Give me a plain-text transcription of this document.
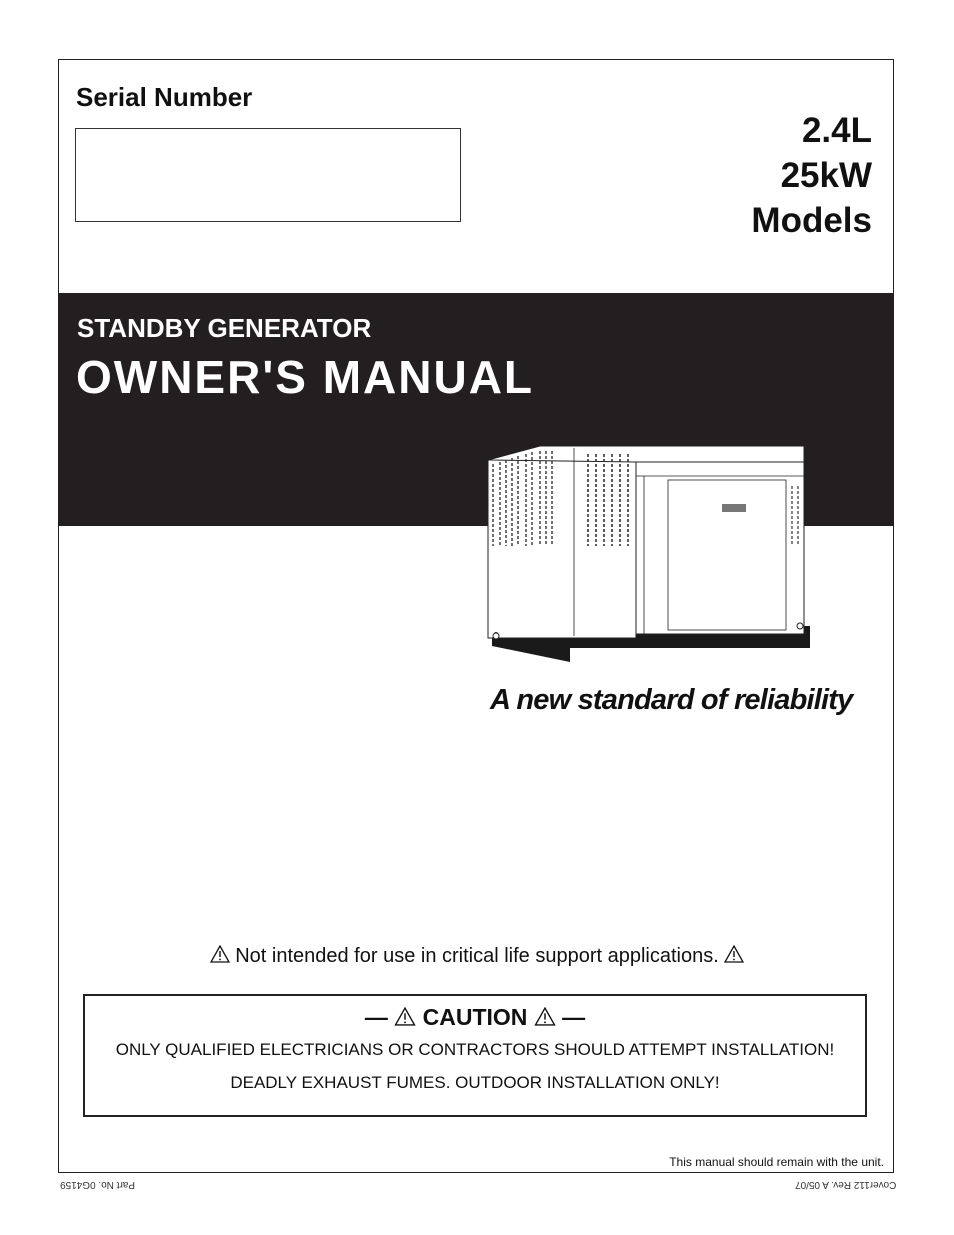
Serial Number
2.4L
25kW
Models
STANDBY GENERATOR
OWNER'S MANUAL
A new standard of reliability
Not intended for use in critical life support applications.
— CAUTION —
ONLY QUALIFIED ELECTRICIANS OR CONTRACTORS SHOULD ATTEMPT INSTALLATION!
DEADLY EXHAUST FUMES. OUTDOOR INSTALLATION ONLY!
This manual should remain with the unit.
Part No. 0G4159	Cover112 Rev. A 05/07
